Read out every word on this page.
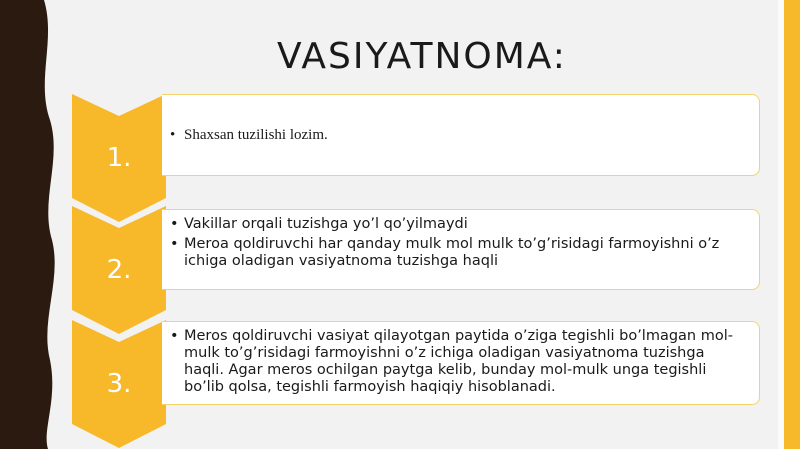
VASIYATNOMA:
1.
• Shaxsan tuzilishi lozim.
2.
• Vakillar orqali tuzishga yo’l qo’yilmaydi
• Meroa qoldiruvchi har qanday mulk mol mulk to’g’risidagi farmoyishni o’z ichiga oladigan vasiyatnoma tuzishga haqli
3.
• Meros qoldiruvchi vasiyat qilayotgan paytida o’ziga tegishli bo’lmagan mol-mulk to’g’risidagi farmoyishni o’z ichiga oladigan vasiyatnoma tuzishga haqli. Agar meros ochilgan paytga kelib, bunday mol-mulk unga tegishli bo’lib qolsa, tegishli farmoyish haqiqiy hisoblanadi.
